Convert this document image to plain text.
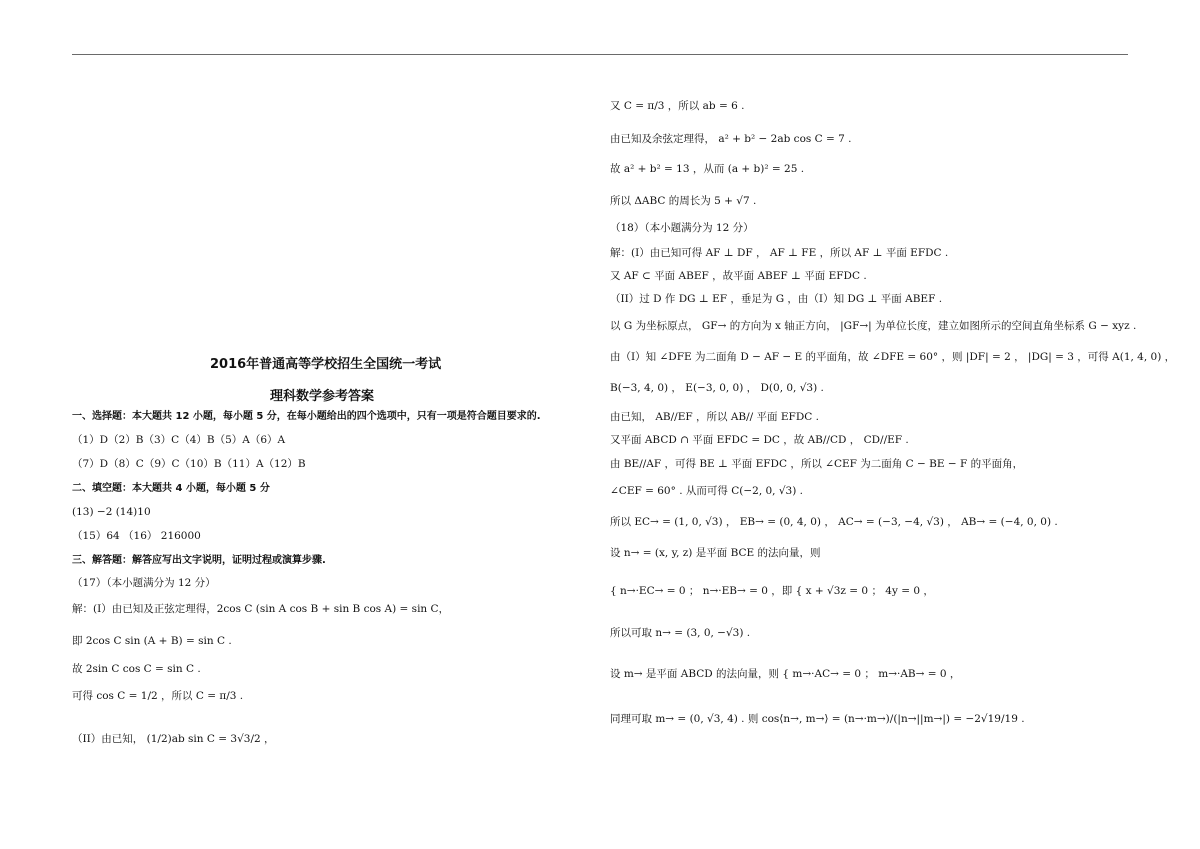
2016年普通高等学校招生全国统一考试
理科数学参考答案
一、选择题：本大题共 12 小题，每小题 5 分，在每小题给出的四个选项中，只有一项是符合题目要求的.
（1）D（2）B（3）C（4）B（5）A（6）A
（7）D（8）C（9）C（10）B（11）A（12）B
二、填空题：本大题共 4 小题，每小题 5 分
(13) −2 (14)10
（15）64 （16） 216000
三、解答题：解答应写出文字说明，证明过程或演算步骤.
（17）（本小题满分为 12 分）
解：(I）由已知及正弦定理得，2cos C (sin A cos B + sin B cos A) = sin C，
即 2cos C sin (A + B) = sin C .
故 2sin C cos C = sin C .
可得 cos C = 1/2 ，所以 C = π/3 .
（II）由已知， (1/2)ab sin C = 3√3/2 ，
又 C = π/3 ，所以 ab = 6 .
由已知及余弦定理得， a² + b² − 2ab cos C = 7 .
故 a² + b² = 13 ，从而 (a + b)² = 25 .
所以 ΔABC 的周长为 5 + √7 .
（18）（本小题满分为 12 分）
解：(I）由已知可得 AF ⊥ DF ， AF ⊥ FE ，所以 AF ⊥ 平面 EFDC .
又 AF ⊂ 平面 ABEF ，故平面 ABEF ⊥ 平面 EFDC .
（II）过 D 作 DG ⊥ EF ，垂足为 G ，由（I）知 DG ⊥ 平面 ABEF .
以 G 为坐标原点， GF→ 的方向为 x 轴正方向， |GF→| 为单位长度，建立如图所示的空间直角坐标系 G − xyz .
由（I）知 ∠DFE 为二面角 D − AF − E 的平面角，故 ∠DFE = 60° ，则 |DF| = 2 ， |DG| = 3 ，可得 A(1, 4, 0) ，
B(−3, 4, 0) ， E(−3, 0, 0) ， D(0, 0, √3) .
由已知， AB//EF ，所以 AB// 平面 EFDC .
又平面 ABCD ∩ 平面 EFDC = DC ，故 AB//CD ， CD//EF .
由 BE//AF ，可得 BE ⊥ 平面 EFDC ，所以 ∠CEF 为二面角 C − BE − F 的平面角，
∠CEF = 60° . 从而可得 C(−2, 0, √3) .
所以 EC→ = (1, 0, √3) ， EB→ = (0, 4, 0) ， AC→ = (−3, −4, √3) ， AB→ = (−4, 0, 0) .
设 n→ = (x, y, z) 是平面 BCE 的法向量，则
{ n→·EC→ = 0 ； n→·EB→ = 0 ，即 { x + √3z = 0 ； 4y = 0 ，
所以可取 n→ = (3, 0, −√3) .
设 m→ 是平面 ABCD 的法向量，则 { m→·AC→ = 0 ； m→·AB→ = 0 ，
同理可取 m→ = (0, √3, 4) . 则 cos⟨n→, m→⟩ = (n→·m→)/(|n→||m→|) = −2√19/19 .
